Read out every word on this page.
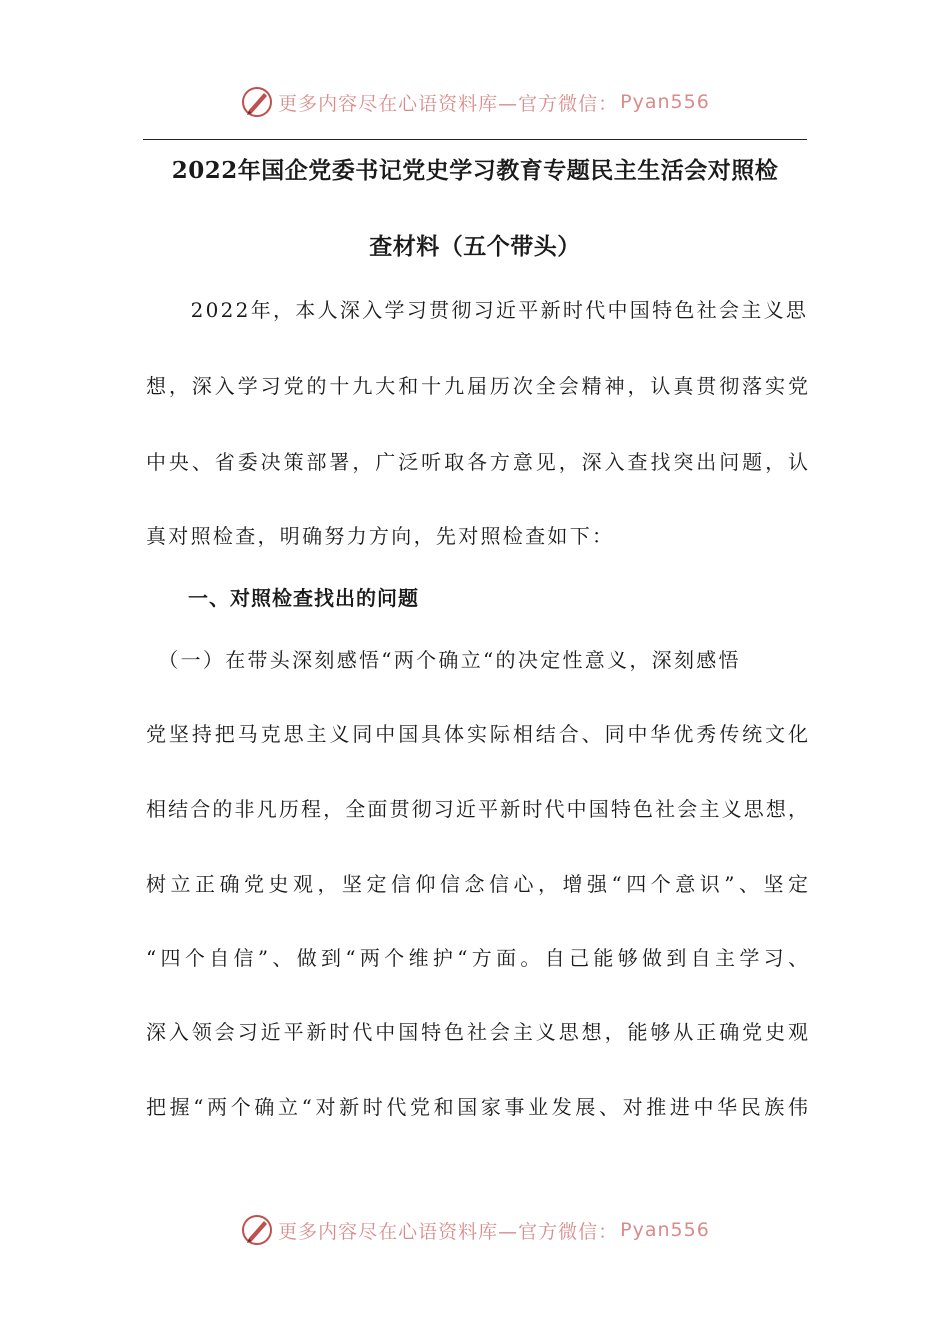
更多内容尽在心语资料库—官方微信： Pyan556
2022年国企党委书记党史学习教育专题民主生活会对照检
查材料（五个带头）
　　2022年，本人深入学习贯彻习近平新时代中国特色社会主义思
想，深入学习党的十九大和十九届历次全会精神，认真贯彻落实党
中央、省委决策部署，广泛听取各方意见，深入查找突出问题，认
真对照检查，明确努力方向，先对照检查如下：
　　一、对照检查找出的问题
　（一）在带头深刻感悟“两个确立“的决定性意义，深刻感悟
党坚持把马克思主义同中国具体实际相结合、同中华优秀传统文化
相结合的非凡历程，全面贯彻习近平新时代中国特色社会主义思想，
树立正确党史观，坚定信仰信念信心，增强“四个意识”、坚定
“四个自信”、做到“两个维护“方面。自己能够做到自主学习、
深入领会习近平新时代中国特色社会主义思想，能够从正确党史观
把握“两个确立“对新时代党和国家事业发展、对推进中华民族伟
更多内容尽在心语资料库—官方微信： Pyan556
